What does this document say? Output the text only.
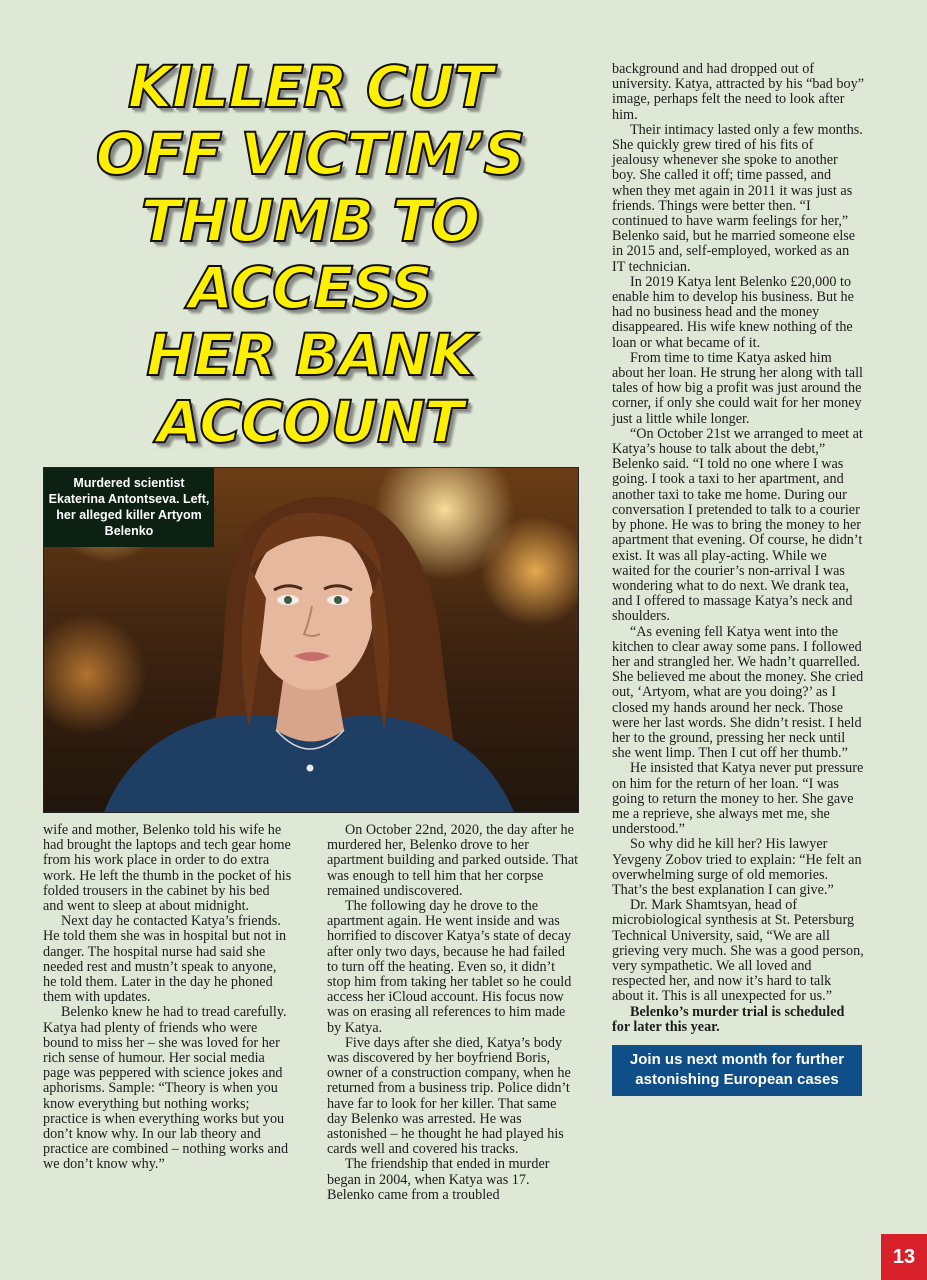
KILLER CUT
OFF VICTIM’S
THUMB TO
ACCESS
HER BANK
ACCOUNT
Murdered scientist Ekaterina Antontseva. Left, her alleged killer Artyom Belenko

wife and mother, Belenko told his wife he had brought the laptops and tech gear home from his work place in order to do extra work. He left the thumb in the pocket of his folded trousers in the cabinet by his bed and went to sleep at about midnight.

Next day he contacted Katya’s friends. He told them she was in hospital but not in danger. The hospital nurse had said she needed rest and mustn’t speak to anyone, he told them. Later in the day he phoned them with updates.

Belenko knew he had to tread carefully. Katya had plenty of friends who were bound to miss her – she was loved for her rich sense of humour. Her social media page was peppered with science jokes and aphorisms. Sample: “Theory is when you know everything but nothing works; practice is when everything works but you don’t know why. In our lab theory and practice are combined – nothing works and we don’t know why.”

On October 22nd, 2020, the day after he murdered her, Belenko drove to her apartment building and parked outside. That was enough to tell him that her corpse remained undiscovered.

The following day he drove to the apartment again. He went inside and was horrified to discover Katya’s state of decay after only two days, because he had failed to turn off the heating. Even so, it didn’t stop him from taking her tablet so he could access her iCloud account. His focus now was on erasing all references to him made by Katya.

Five days after she died, Katya’s body was discovered by her boyfriend Boris, owner of a construction company, when he returned from a business trip. Police didn’t have far to look for her killer. That same day Belenko was arrested. He was astonished – he thought he had played his cards well and covered his tracks.

The friendship that ended in murder began in 2004, when Katya was 17. Belenko came from a troubled

background and had dropped out of university. Katya, attracted by his “bad boy” image, perhaps felt the need to look after him.

Their intimacy lasted only a few months. She quickly grew tired of his fits of jealousy whenever she spoke to another boy. She called it off; time passed, and when they met again in 2011 it was just as friends. Things were better then. “I continued to have warm feelings for her,” Belenko said, but he married someone else in 2015 and, self-employed, worked as an IT technician.

In 2019 Katya lent Belenko £20,000 to enable him to develop his business. But he had no business head and the money disappeared. His wife knew nothing of the loan or what became of it.

From time to time Katya asked him about her loan. He strung her along with tall tales of how big a profit was just around the corner, if only she could wait for her money just a little while longer.

“On October 21st we arranged to meet at Katya’s house to talk about the debt,” Belenko said. “I told no one where I was going. I took a taxi to her apartment, and another taxi to take me home. During our conversation I pretended to talk to a courier by phone. He was to bring the money to her apartment that evening. Of course, he didn’t exist. It was all play-acting. While we waited for the courier’s non-arrival I was wondering what to do next. We drank tea, and I offered to massage Katya’s neck and shoulders.

“As evening fell Katya went into the kitchen to clear away some pans. I followed her and strangled her. We hadn’t quarrelled. She believed me about the money. She cried out, ‘Artyom, what are you doing?’ as I closed my hands around her neck. Those were her last words. She didn’t resist. I held her to the ground, pressing her neck until she went limp. Then I cut off her thumb.”

He insisted that Katya never put pressure on him for the return of her loan. “I was going to return the money to her. She gave me a reprieve, she always met me, she understood.”

So why did he kill her? His lawyer Yevgeny Zobov tried to explain: “He felt an overwhelming surge of old memories. That’s the best explanation I can give.”

Dr. Mark Shamtsyan, head of microbiological synthesis at St. Petersburg Technical University, said, “We are all grieving very much. She was a good person, very sympathetic. We all loved and respected her, and now it’s hard to talk about it. This is all unexpected for us.”

Belenko’s murder trial is scheduled for later this year.

Join us next month for further astonishing European cases
13
